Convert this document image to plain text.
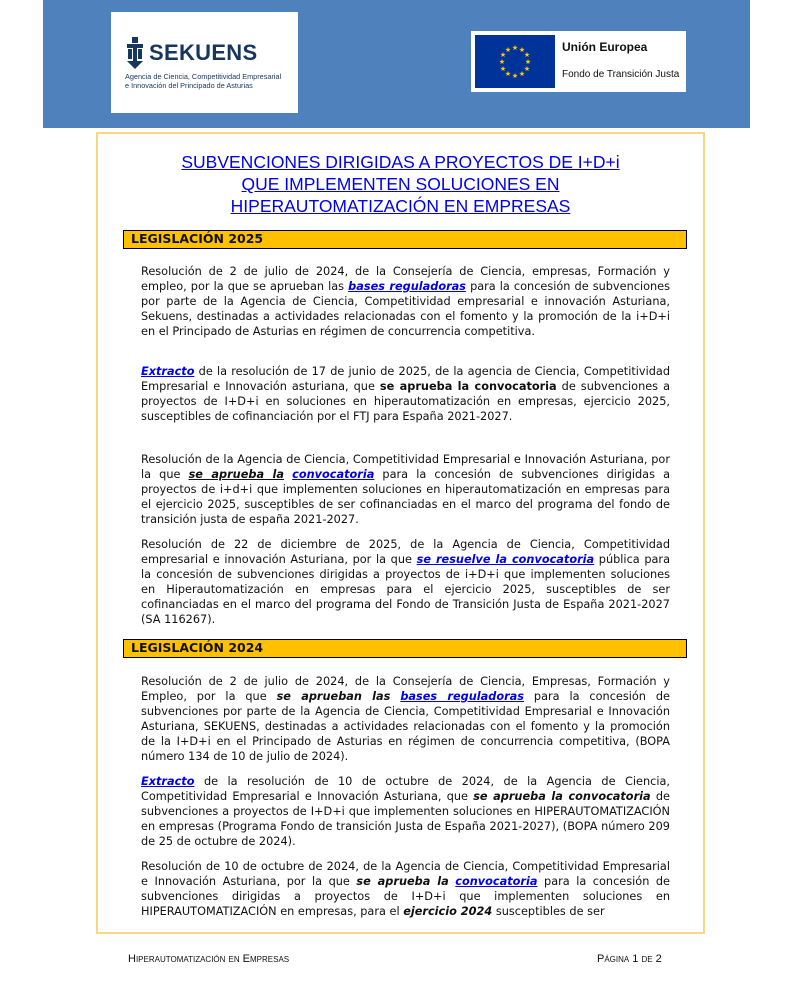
SEKUENS
Agencia de Ciencia, Competitividad Empresarial
e Innovación del Principado de Asturias
★ ★
★
★
★
★
★
★
★
★
★
★	Unión Europea
Fondo de Transición Justa
SUBVENCIONES DIRIGIDAS A PROYECTOS DE I+D+i
QUE IMPLEMENTEN SOLUCIONES EN
HIPERAUTOMATIZACIÓN EN EMPRESAS
LEGISLACIÓN 2025

Resolución de 2 de julio de 2024, de la Consejería de Ciencia, empresas, Formación y empleo, por la que se aprueban las bases reguladoras para la concesión de subvenciones por parte de la Agencia de Ciencia, Competitividad empresarial e innovación Asturiana, Sekuens, destinadas a actividades relacionadas con el fomento y la promoción de la i+D+i en el Principado de Asturias en régimen de concurrencia competitiva.

Extracto de la resolución de 17 de junio de 2025, de la agencia de Ciencia, Competitividad Empresarial e Innovación asturiana, que se aprueba la convocatoria de subvenciones a proyectos de I+D+i en soluciones en hiperautomatización en empresas, ejercicio 2025, susceptibles de cofinanciación por el FTJ para España 2021-2027.

Resolución de la Agencia de Ciencia, Competitividad Empresarial e Innovación Asturiana, por la que se aprueba la convocatoria para la concesión de subvenciones dirigidas a proyectos de i+d+i que implementen soluciones en hiperautomatización en empresas para el ejercicio 2025, susceptibles de ser cofinanciadas en el marco del programa del fondo de transición justa de españa 2021-2027.

Resolución de 22 de diciembre de 2025, de la Agencia de Ciencia, Competitividad empresarial e innovación Asturiana, por la que se resuelve la convocatoria pública para la concesión de subvenciones dirigidas a proyectos de i+D+i que implementen soluciones en Hiperautomatización en empresas para el ejercicio 2025, susceptibles de ser cofinanciadas en el marco del programa del Fondo de Transición Justa de España 2021-2027 (SA 116267).

LEGISLACIÓN 2024

Resolución de 2 de julio de 2024, de la Consejería de Ciencia, Empresas, Formación y Empleo, por la que se aprueban las bases reguladoras para la concesión de subvenciones por parte de la Agencia de Ciencia, Competitividad Empresarial e Innovación Asturiana, SEKUENS, destinadas a actividades relacionadas con el fomento y la promoción de la I+D+i en el Principado de Asturias en régimen de concurrencia competitiva, (BOPA número 134 de 10 de julio de 2024).

Extracto de la resolución de 10 de octubre de 2024, de la Agencia de Ciencia, Competitividad Empresarial e Innovación Asturiana, que se aprueba la convocatoria de subvenciones a proyectos de I+D+i que implementen soluciones en HIPERAUTOMATIZACIÓN en empresas (Programa Fondo de transición Justa de España 2021-2027), (BOPA número 209 de 25 de octubre de 2024).

Resolución de 10 de octubre de 2024, de la Agencia de Ciencia, Competitividad Empresarial e Innovación Asturiana, por la que se aprueba la convocatoria para la concesión de subvenciones dirigidas a proyectos de I+D+i que implementen soluciones en HIPERAUTOMATIZACIÓN en empresas, para el ejercicio 2024 susceptibles de ser

Hiperautomatización en Empresas	Página 1 de 2
